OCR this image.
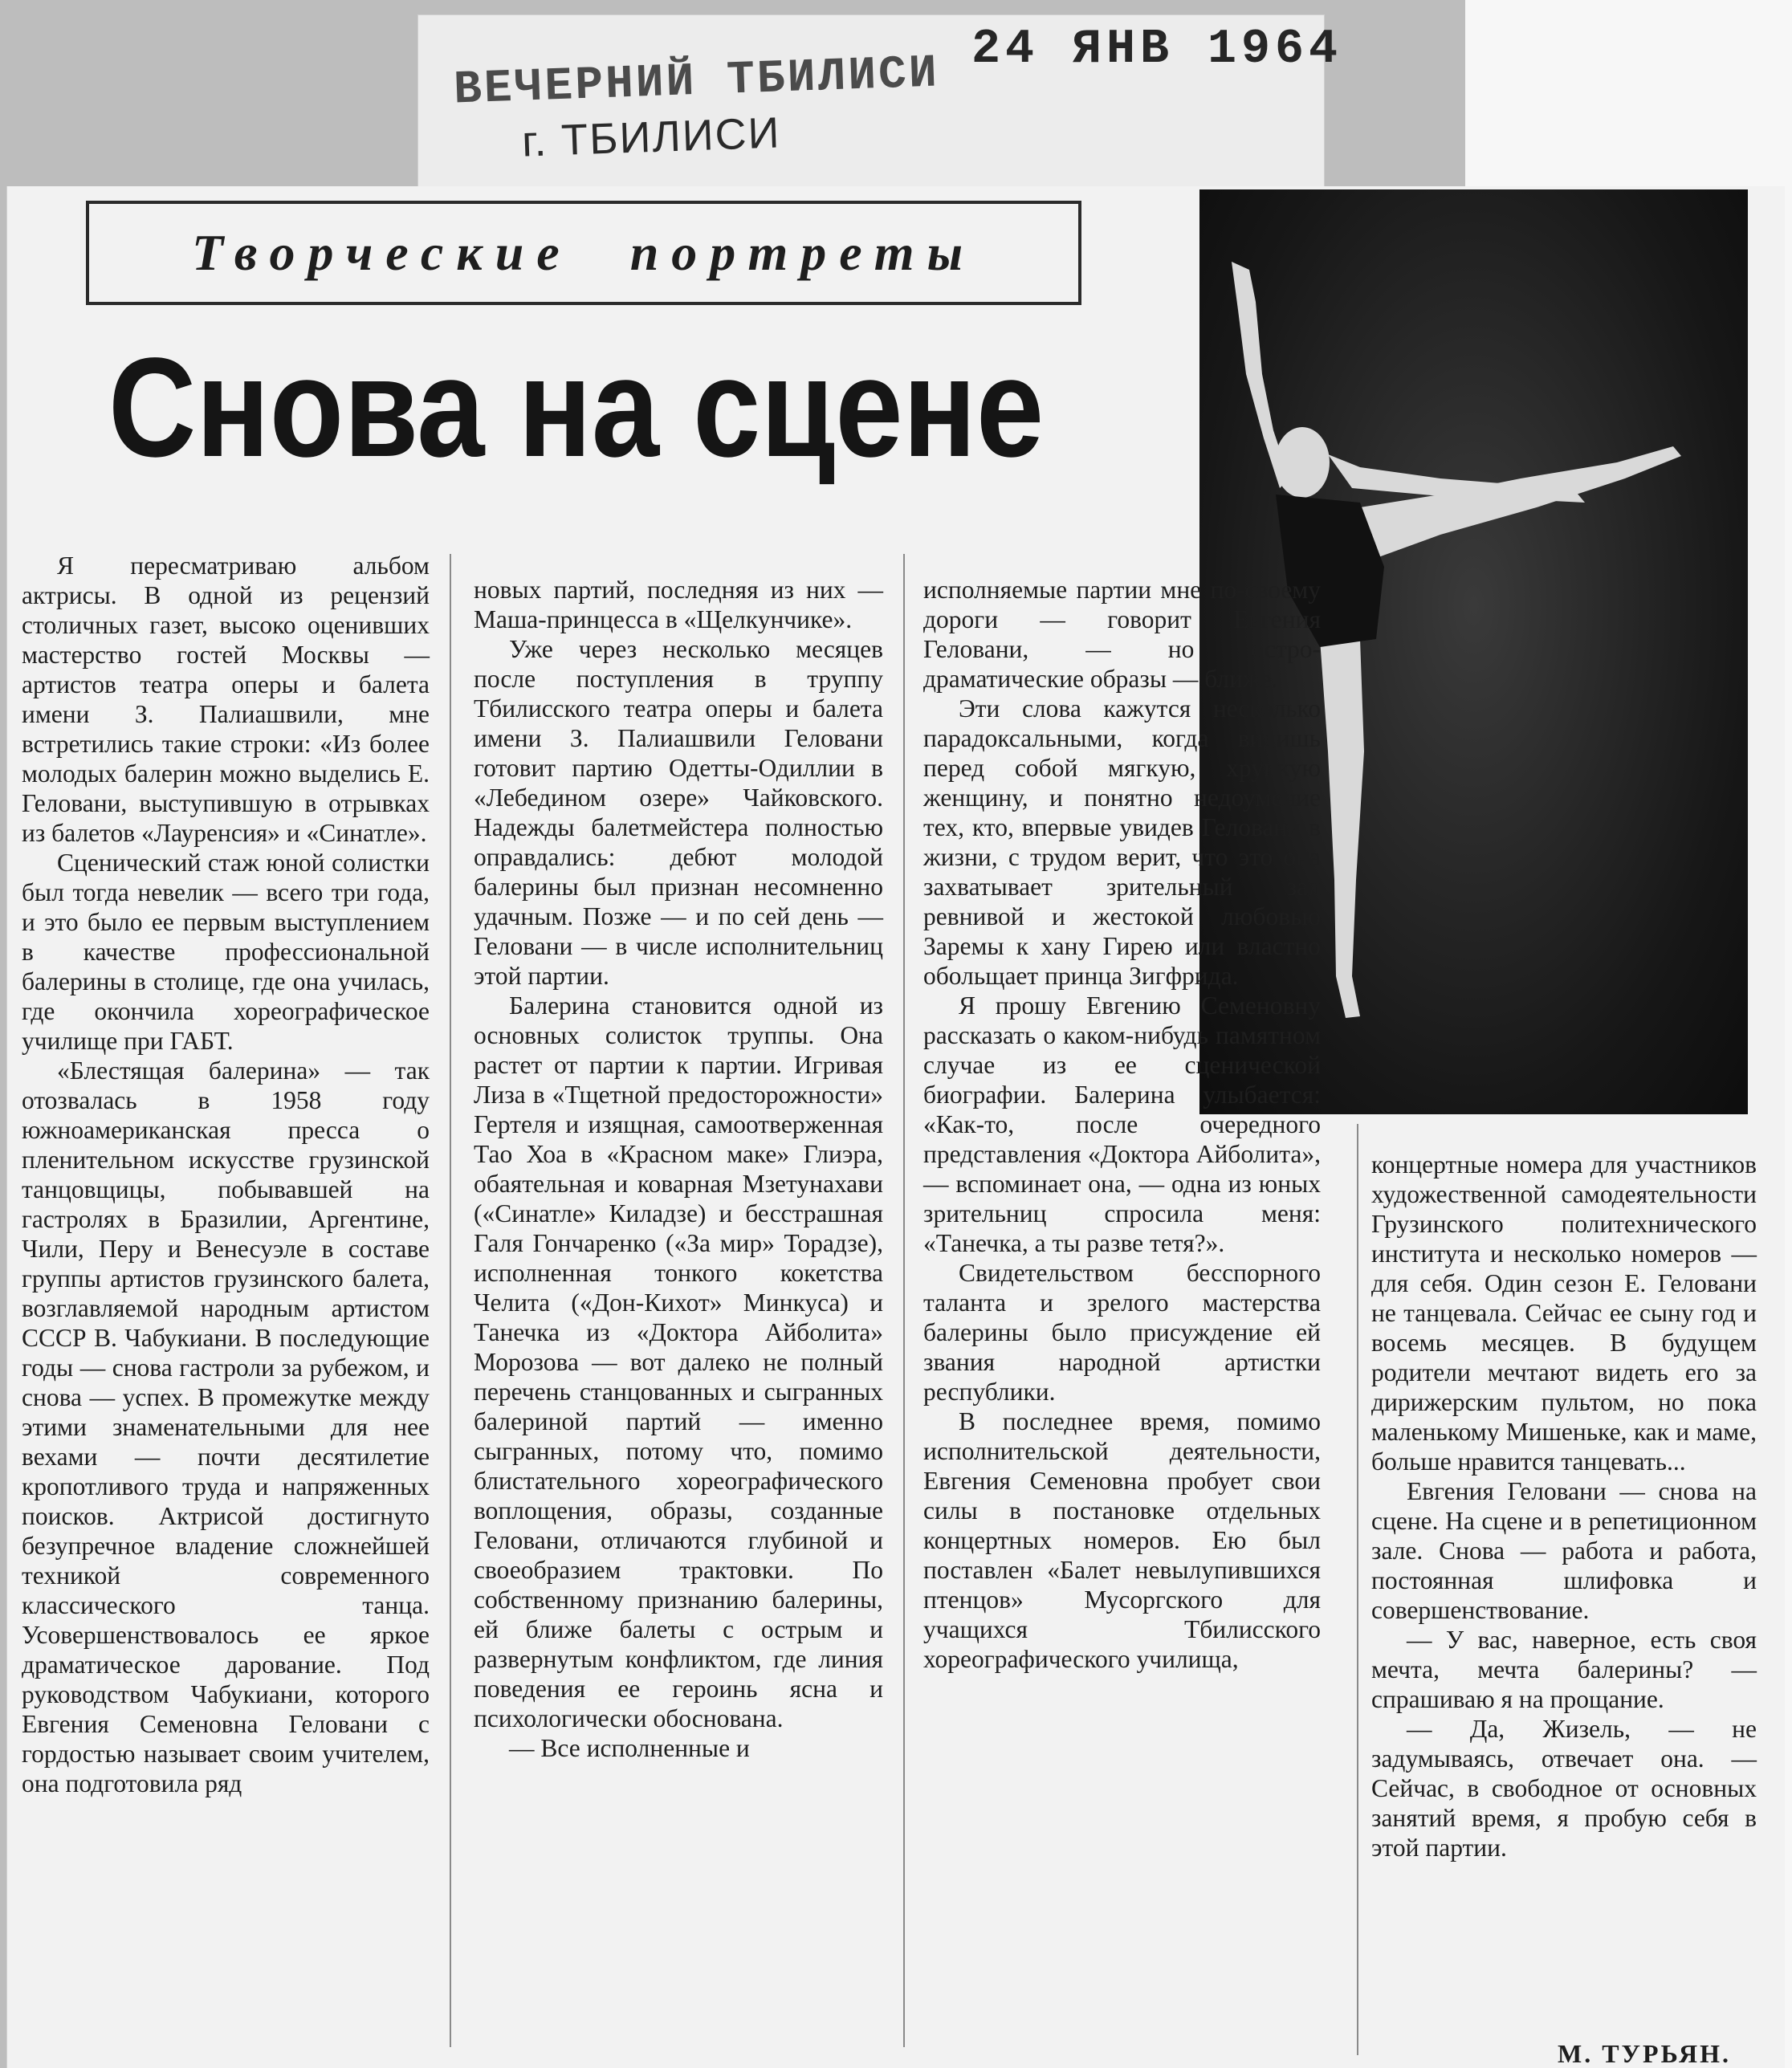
ВЕЧЕРНИЙ ТБИЛИСИ
г. ТБИЛИСИ
24 ЯНВ 1964
Творческие портреты
Снова на сцене

Я пересматриваю альбом актрисы. В одной из рецензий столичных газет, высоко оценивших мастерство гостей Москвы — артистов театра оперы и балета имени З. Палиашвили, мне встретились такие строки: «Из более молодых балерин можно выделись Е. Геловани, выступившую в отрывках из балетов «Лауренсия» и «Синатле».

Сценический стаж юной солистки был тогда невелик — всего три года, и это было ее первым выступлением в качестве профессиональной балерины в столице, где она училась, где окончила хореографическое училище при ГАБТ.

«Блестящая балерина» — так отозвалась в 1958 году южноамериканская пресса о пленительном искусстве грузинской танцовщицы, побывавшей на гастролях в Бразилии, Аргентине, Чили, Перу и Венесуэле в составе группы артистов грузинского балета, возглавляемой народным артистом СССР В. Чабукиани. В последующие годы — снова гастроли за рубежом, и снова — успех. В промежутке между этими знаменательными для нее вехами — почти десятилетие кропотливого труда и напряженных поисков. Актрисой достигнуто безупречное владение сложнейшей техникой современного классического танца. Усовершенствовалось ее яркое драматическое дарование. Под руководством Чабукиани, которого Евгения Семеновна Геловани с гордостью называет своим учителем, она подготовила ряд

новых партий, последняя из них — Маша-принцесса в «Щелкунчике».

Уже через несколько месяцев после поступления в труппу Тбилисского театра оперы и балета имени З. Палиашвили Геловани готовит партию Одетты-Одиллии в «Лебедином озере» Чайковского. Надежды балетмейстера полностью оправдались: дебют молодой балерины был признан несомненно удачным. Позже — и по сей день — Геловани — в числе исполнительниц этой партии.

Балерина становится одной из основных солисток труппы. Она растет от партии к партии. Игривая Лиза в «Тщетной предосторожности» Гертеля и изящная, самоотверженная Тао Хоа в «Красном маке» Глиэра, обаятельная и коварная Мзетунахави («Синатле» Киладзе) и бесстрашная Галя Гончаренко («За мир» Торадзе), исполненная тонкого кокетства Челита («Дон-Кихот» Минкуса) и Танечка из «Доктора Айболита» Морозова — вот далеко не полный перечень станцованных и сыгранных балериной партий — именно сыгранных, потому что, помимо блистательного хореографического воплощения, образы, созданные Геловани, отличаются глубиной и своеобразием трактовки. По собственному признанию балерины, ей ближе балеты с острым и развернутым конфликтом, где линия поведения ее героинь ясна и психологически обоснована.

— Все исполненные и

исполняемые партии мне по-своему дороги — говорит Евгения Геловани, — но остро-драматические образы — ближе.

Эти слова кажутся несколько парадоксальными, когда видишь перед собой мягкую, хрупкую женщину, и понятно недоумение тех, кто, впервые увидев Геловани в жизни, с трудом верит, что это она захватывает зрительный зал ревнивой и жестокой любовью Заремы к хану Гирею или властно обольщает принца Зигфрида.

Я прошу Евгению Семеновну рассказать о каком-нибудь памятном случае из ее сценической биографии. Балерина улыбается: «Как-то, после очередного представления «Доктора Айболита», — вспоминает она, — одна из юных зрительниц спросила меня: «Танечка, а ты разве тетя?».

Свидетельством бесспорного таланта и зрелого мастерства балерины было присуждение ей звания народной артистки республики.

В последнее время, помимо исполнительской деятельности, Евгения Семеновна пробует свои силы в постановке отдельных концертных номеров. Ею был поставлен «Балет невылупившихся птенцов» Мусоргского для учащихся Тбилисского хореографического училища,

концертные номера для участников художественной самодеятельности Грузинского политехнического института и несколько номеров — для себя. Один сезон Е. Геловани не танцевала. Сейчас ее сыну год и восемь месяцев. В будущем родители мечтают видеть его за дирижерским пультом, но пока маленькому Мишеньке, как и маме, больше нравится танцевать...

Евгения Геловани — снова на сцене. На сцене и в репетиционном зале. Снова — работа и работа, постоянная шлифовка и совершенствование.

— У вас, наверное, есть своя мечта, мечта балерины? — спрашиваю я на прощание.

— Да, Жизель, — не задумываясь, отвечает она. — Сейчас, в свободное от основных занятий время, я пробую себя в этой партии.

М. ТУРЬЯН.
